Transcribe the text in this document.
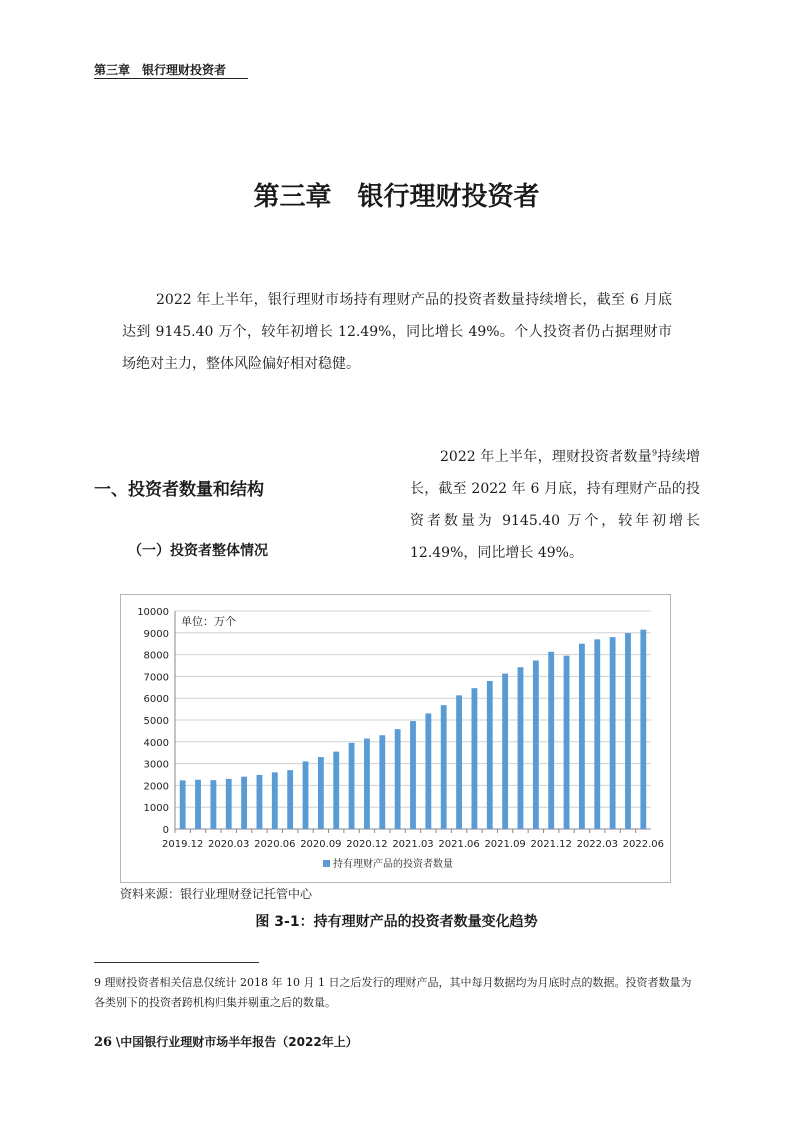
第三章　银行理财投资者
第三章　银行理财投资者

2022 年上半年，银行理财市场持有理财产品的投资者数量持续增长，截至 6 月底达到 9145.40 万个，较年初增长 12.49%，同比增长 49%。个人投资者仍占据理财市场绝对主力，整体风险偏好相对稳健。

一、投资者数量和结构
（一）投资者整体情况

2022 年上半年，理财投资者数量$^9$持续增长，截至 2022 年 6 月底，持有理财产品的投资者数量为 9145.40 万个，较年初增长 12.49%，同比增长 49%。

0
1000
2000
3000
4000
5000
6000
7000
8000
9000
10000
2019.12 2020.03 2020.06 2020.09 2020.12 2021.03 2021.06 2021.09 2021.12 2022.03 2022.06
单位：万个
持有理财产品的投资者数量
资料来源：银行业理财登记托管中心
图 3-1：持有理财产品的投资者数量变化趋势
9 理财投资者相关信息仅统计 2018 年 10 月 1 日之后发行的理财产品，其中每月数据均为月底时点的数据。投资者数量为各类别下的投资者跨机构归集并剔重之后的数量。
26 \中国银行业理财市场半年报告（2022年上）
